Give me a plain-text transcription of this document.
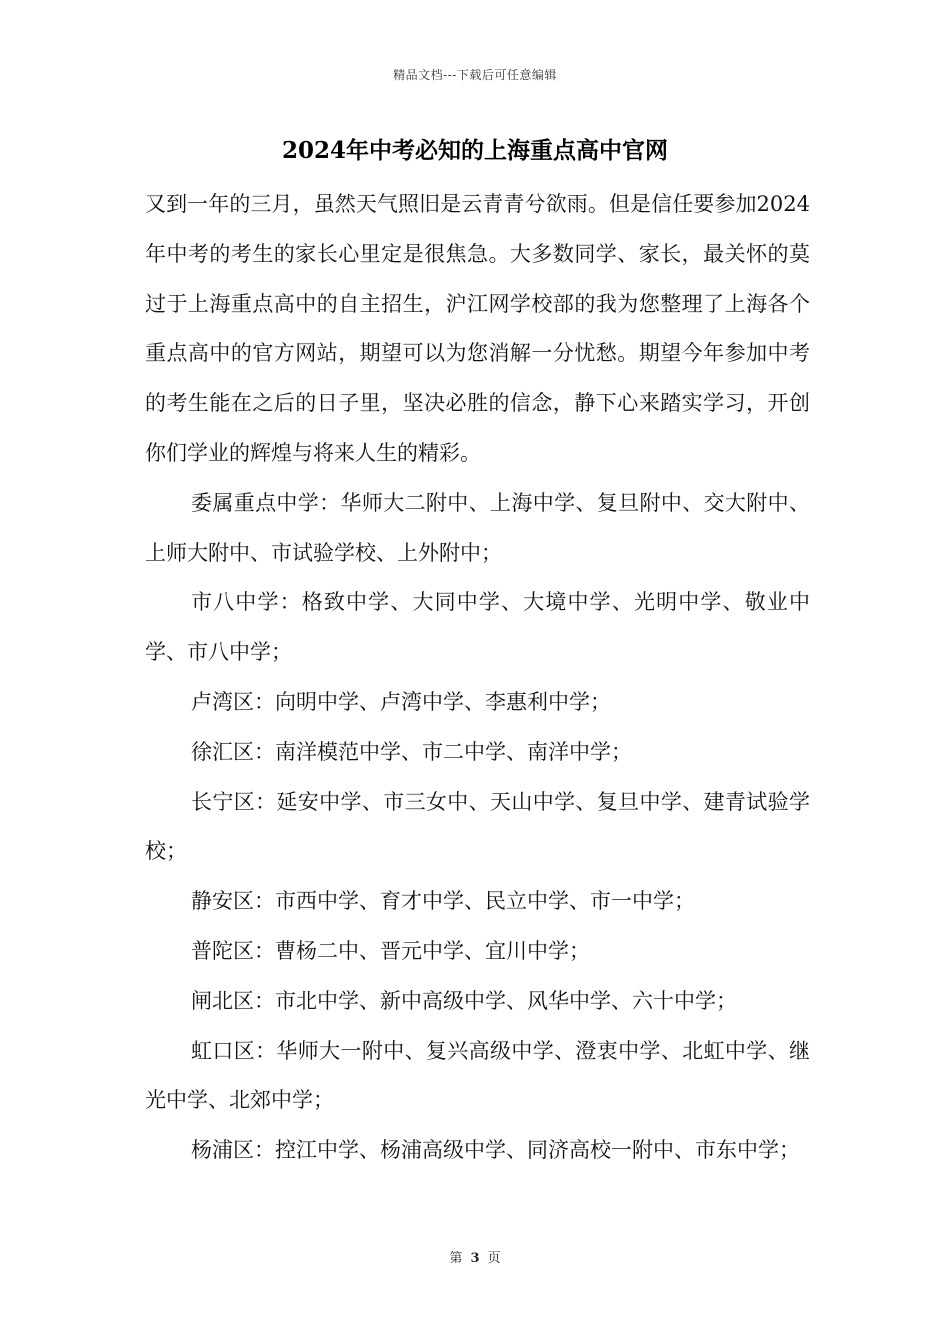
精品文档---下载后可任意编辑
2024年中考必知的上海重点高中官网

又到一年的三月，虽然天气照旧是云青青兮欲雨。但是信任要参加2024年中考的考生的家长心里定是很焦急。大多数同学、家长，最关怀的莫过于上海重点高中的自主招生，沪江网学校部的我为您整理了上海各个重点高中的官方网站，期望可以为您消解一分忧愁。期望今年参加中考的考生能在之后的日子里，坚决必胜的信念，静下心来踏实学习，开创你们学业的辉煌与将来人生的精彩。

委属重点中学：华师大二附中、上海中学、复旦附中、交大附中、上师大附中、市试验学校、上外附中；

市八中学：格致中学、大同中学、大境中学、光明中学、敬业中学、市八中学；

卢湾区：向明中学、卢湾中学、李惠利中学；

徐汇区：南洋模范中学、市二中学、南洋中学；

长宁区：延安中学、市三女中、天山中学、复旦中学、建青试验学校；

静安区：市西中学、育才中学、民立中学、市一中学；

普陀区：曹杨二中、晋元中学、宜川中学；

闸北区：市北中学、新中高级中学、风华中学、六十中学；

虹口区：华师大一附中、复兴高级中学、澄衷中学、北虹中学、继光中学、北郊中学；

杨浦区：控江中学、杨浦高级中学、同济高校一附中、市东中学；

第 3 页
